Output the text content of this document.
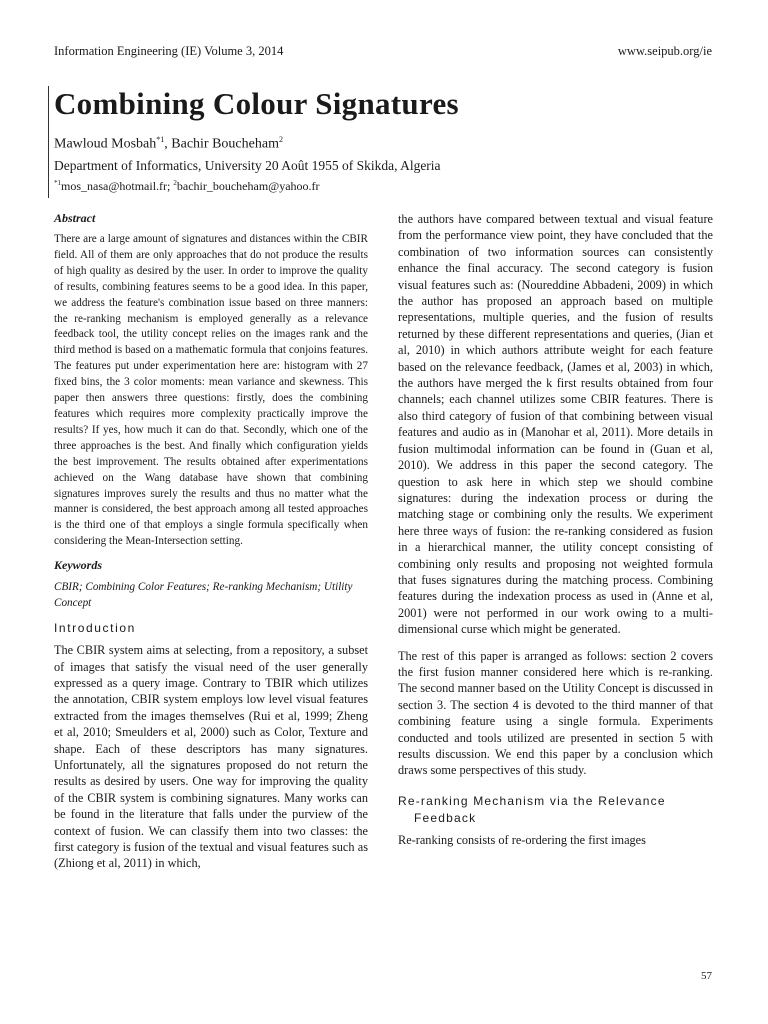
Information Engineering (IE) Volume 3, 2014	www.seipub.org/ie
Combining Colour Signatures
Mawloud Mosbah$^{*1}$, Bachir Boucheham$^2$
Department of Informatics, University 20 Août 1955 of Skikda, Algeria
$^{*1}$mos_nasa@hotmail.fr; $^2$bachir_boucheham@yahoo.fr
Abstract

There are a large amount of signatures and distances within the CBIR field. All of them are only approaches that do not produce the results of high quality as desired by the user. In order to improve the quality of results, combining features seems to be a good idea. In this paper, we address the feature's combination issue based on three manners: the re-ranking mechanism is employed generally as a relevance feedback tool, the utility concept relies on the images rank and the third method is based on a mathematic formula that conjoins features. The features put under experimentation here are: histogram with 27 fixed bins, the 3 color moments: mean variance and skewness. This paper then answers three questions: firstly, does the combining features which requires more complexity practically improve the results? If yes, how much it can do that. Secondly, which one of the three approaches is the best. And finally which configuration yields the best improvement. The results obtained after experimentations achieved on the Wang database have shown that combining signatures improves surely the results and thus no matter what the manner is considered, the best approach among all tested approaches is the third one of that employs a single formula specifically when considering the Mean-Intersection setting.

Keywords

CBIR; Combining Color Features; Re-ranking Mechanism; Utility Concept

Introduction

The CBIR system aims at selecting, from a repository, a subset of images that satisfy the visual need of the user generally expressed as a query image. Contrary to TBIR which utilizes the annotation, CBIR system employs low level visual features extracted from the images themselves (Rui et al, 1999; Zheng et al, 2010; Smeulders et al, 2000) such as Color, Texture and shape. Each of these descriptors has many signatures. Unfortunately, all the signatures proposed do not return the results as desired by users. One way for improving the quality of the CBIR system is combining signatures. Many works can be found in the literature that falls under the purview of the context of fusion. We can classify them into two classes: the first category is fusion of the textual and visual features such as (Zhiong et al, 2011) in which,

the authors have compared between textual and visual feature from the performance view point, they have concluded that the combination of two information sources can consistently enhance the final accuracy. The second category is fusion visual features such as: (Noureddine Abbadeni, 2009) in which the author has proposed an approach based on multiple representations, multiple queries, and the fusion of results returned by these different representations and queries, (Jian et al, 2010) in which authors attribute weight for each feature based on the relevance feedback, (James et al, 2003) in which, the authors have merged the k first results obtained from four channels; each channel utilizes some CBIR features. There is also third category of fusion of that combining between visual features and audio as in (Manohar et al, 2011). More details in fusion multimodal information can be found in (Guan et al, 2010). We address in this paper the second category. The question to ask here in which step we should combine signatures: during the indexation process or during the matching stage or combining only the results. We experiment here three ways of fusion: the re-ranking considered as fusion in a hierarchical manner, the utility concept consisting of combining only results and proposing not weighted formula that fuses signatures during the matching process. Combining features during the indexation process as used in (Anne et al, 2001) were not performed in our work owing to a multi-dimensional curse which might be generated.

The rest of this paper is arranged as follows: section 2 covers the first fusion manner considered here which is re-ranking. The second manner based on the Utility Concept is discussed in section 3. The section 4 is devoted to the third manner of that combining feature using a single formula. Experiments conducted and tools utilized are presented in section 5 with results discussion. We end this paper by a conclusion which draws some perspectives of this study.

Re-ranking Mechanism via the Relevance
Feedback

Re-ranking consists of re-ordering the first images

57
